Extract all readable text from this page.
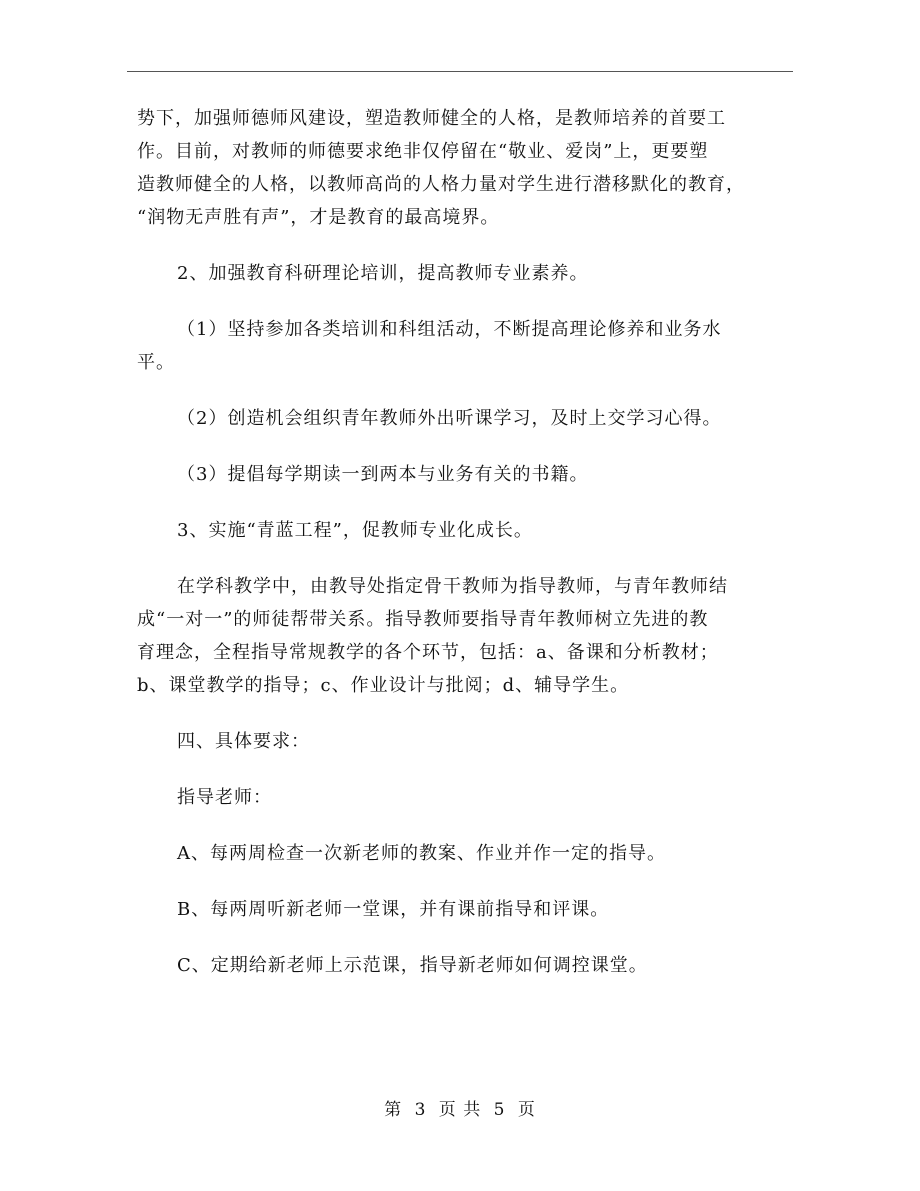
势下，加强师德师风建设，塑造教师健全的人格，是教师培养的首要工
作。目前，对教师的师德要求绝非仅停留在“敬业、爱岗”上，更要塑
造教师健全的人格，以教师高尚的人格力量对学生进行潜移默化的教育，
“润物无声胜有声”，才是教育的最高境界。

2、加强教育科研理论培训，提高教师专业素养。

（1）坚持参加各类培训和科组活动，不断提高理论修养和业务水
平。

（2）创造机会组织青年教师外出听课学习，及时上交学习心得。

（3）提倡每学期读一到两本与业务有关的书籍。

3、实施“青蓝工程”，促教师专业化成长。

在学科教学中，由教导处指定骨干教师为指导教师，与青年教师结
成“一对一”的师徒帮带关系。指导教师要指导青年教师树立先进的教
育理念，全程指导常规教学的各个环节，包括：a、备课和分析教材；
b、课堂教学的指导；c、作业设计与批阅；d、辅导学生。

四、具体要求：

指导老师：

A、每两周检查一次新老师的教案、作业并作一定的指导。

B、每两周听新老师一堂课，并有课前指导和评课。

C、定期给新老师上示范课，指导新老师如何调控课堂。

第 3 页 共 5 页
